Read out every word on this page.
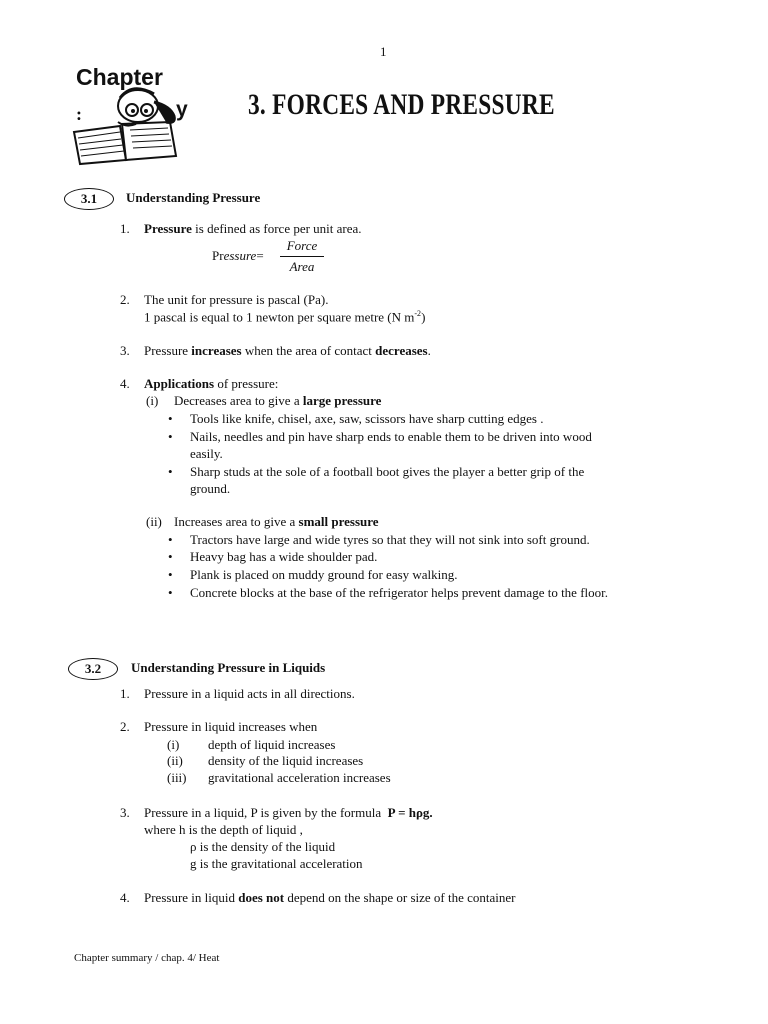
1
Chapter
:	y 3. FORCES AND PRESSURE
3.1	Understanding Pressure
1. Pressure is defined as force per unit area.
Pressure=
Force
Area
2. The unit for pressure is pascal (Pa).
1 pascal is equal to 1 newton per square metre (N $m^{-2}$)
3. Pressure increases when the area of contact decreases.
4. Applications of pressure:
(i) Decreases area to give a large pressure
• Tools like knife, chisel, axe, saw, scissors have sharp cutting edges .
• Nails, needles and pin have sharp ends to enable them to be driven into wood
easily.
• Sharp studs at the sole of a football boot gives the player a better grip of the
ground.
(ii) Increases area to give a small pressure
• Tractors have large and wide tyres so that they will not sink into soft ground.
• Heavy bag has a wide shoulder pad.
• Plank is placed on muddy ground for easy walking.
• Concrete blocks at the base of the refrigerator helps prevent damage to the floor.
3.2	Understanding Pressure in Liquids
1. Pressure in a liquid acts in all directions.
2. Pressure in liquid increases when
(i) depth of liquid increases
(ii) density of the liquid increases
(iii) gravitational acceleration increases
3. Pressure in a liquid, P is given by the formula P = hρg.
where h is the depth of liquid ,
ρ is the density of the liquid
g is the gravitational acceleration
4. Pressure in liquid does not depend on the shape or size of the container
Chapter summary / chap. 4/ Heat
